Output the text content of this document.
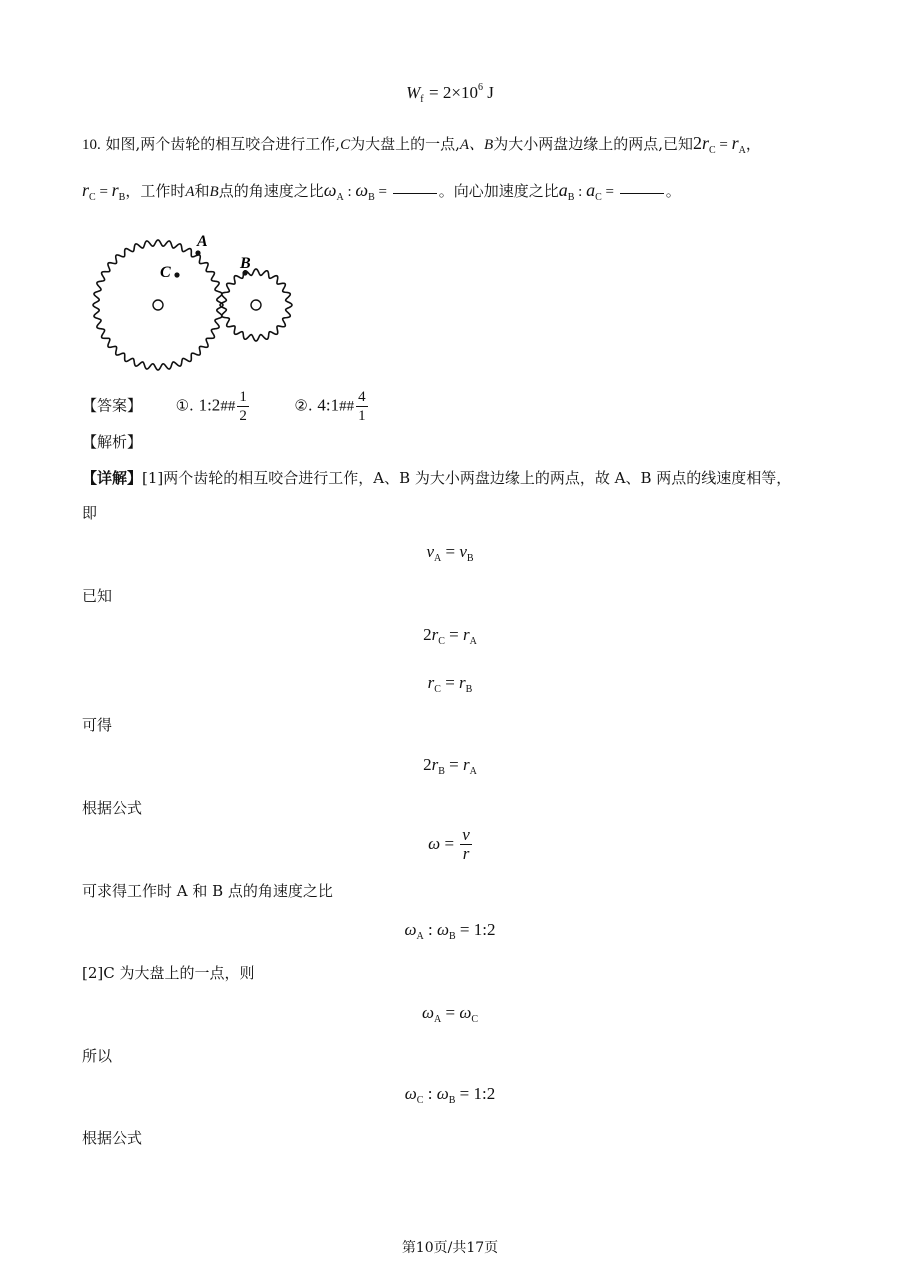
$W_f = 2\times 10^6$ J
10. 如图,两个齿轮的相互咬合进行工作,C为大盘上的一点,A、B为大小两盘边缘上的两点,已知$2r_C = r_A$，
$r_C = r_B$，工作时A和B点的角速度之比$\omega_A$ : $\omega_B$ =	。向心加速度之比$a_B$ : $a_C$ =	。
A
C
B
【答案】 ①. 1:2## $\frac{1}{2}$	②. 4:1## $\frac{4}{1}$
【解析】
【详解】[1]两个齿轮的相互咬合进行工作，A、B 为大小两盘边缘上的两点，故 A、B 两点的线速度相等，
即
$v_A = v_B$
已知
$2r_C = r_A$
$r_C = r_B$
可得
$2r_B = r_A$
根据公式
$\omega = \frac{v}{r}$
可求得工作时 A 和 B 点的角速度之比
$\omega_A$ : $\omega_B$ = 1:2
[2]C 为大盘上的一点，则
$\omega_A = \omega_C$
所以
$\omega_C$ : $\omega_B$ = 1:2
根据公式
第10页/共17页
